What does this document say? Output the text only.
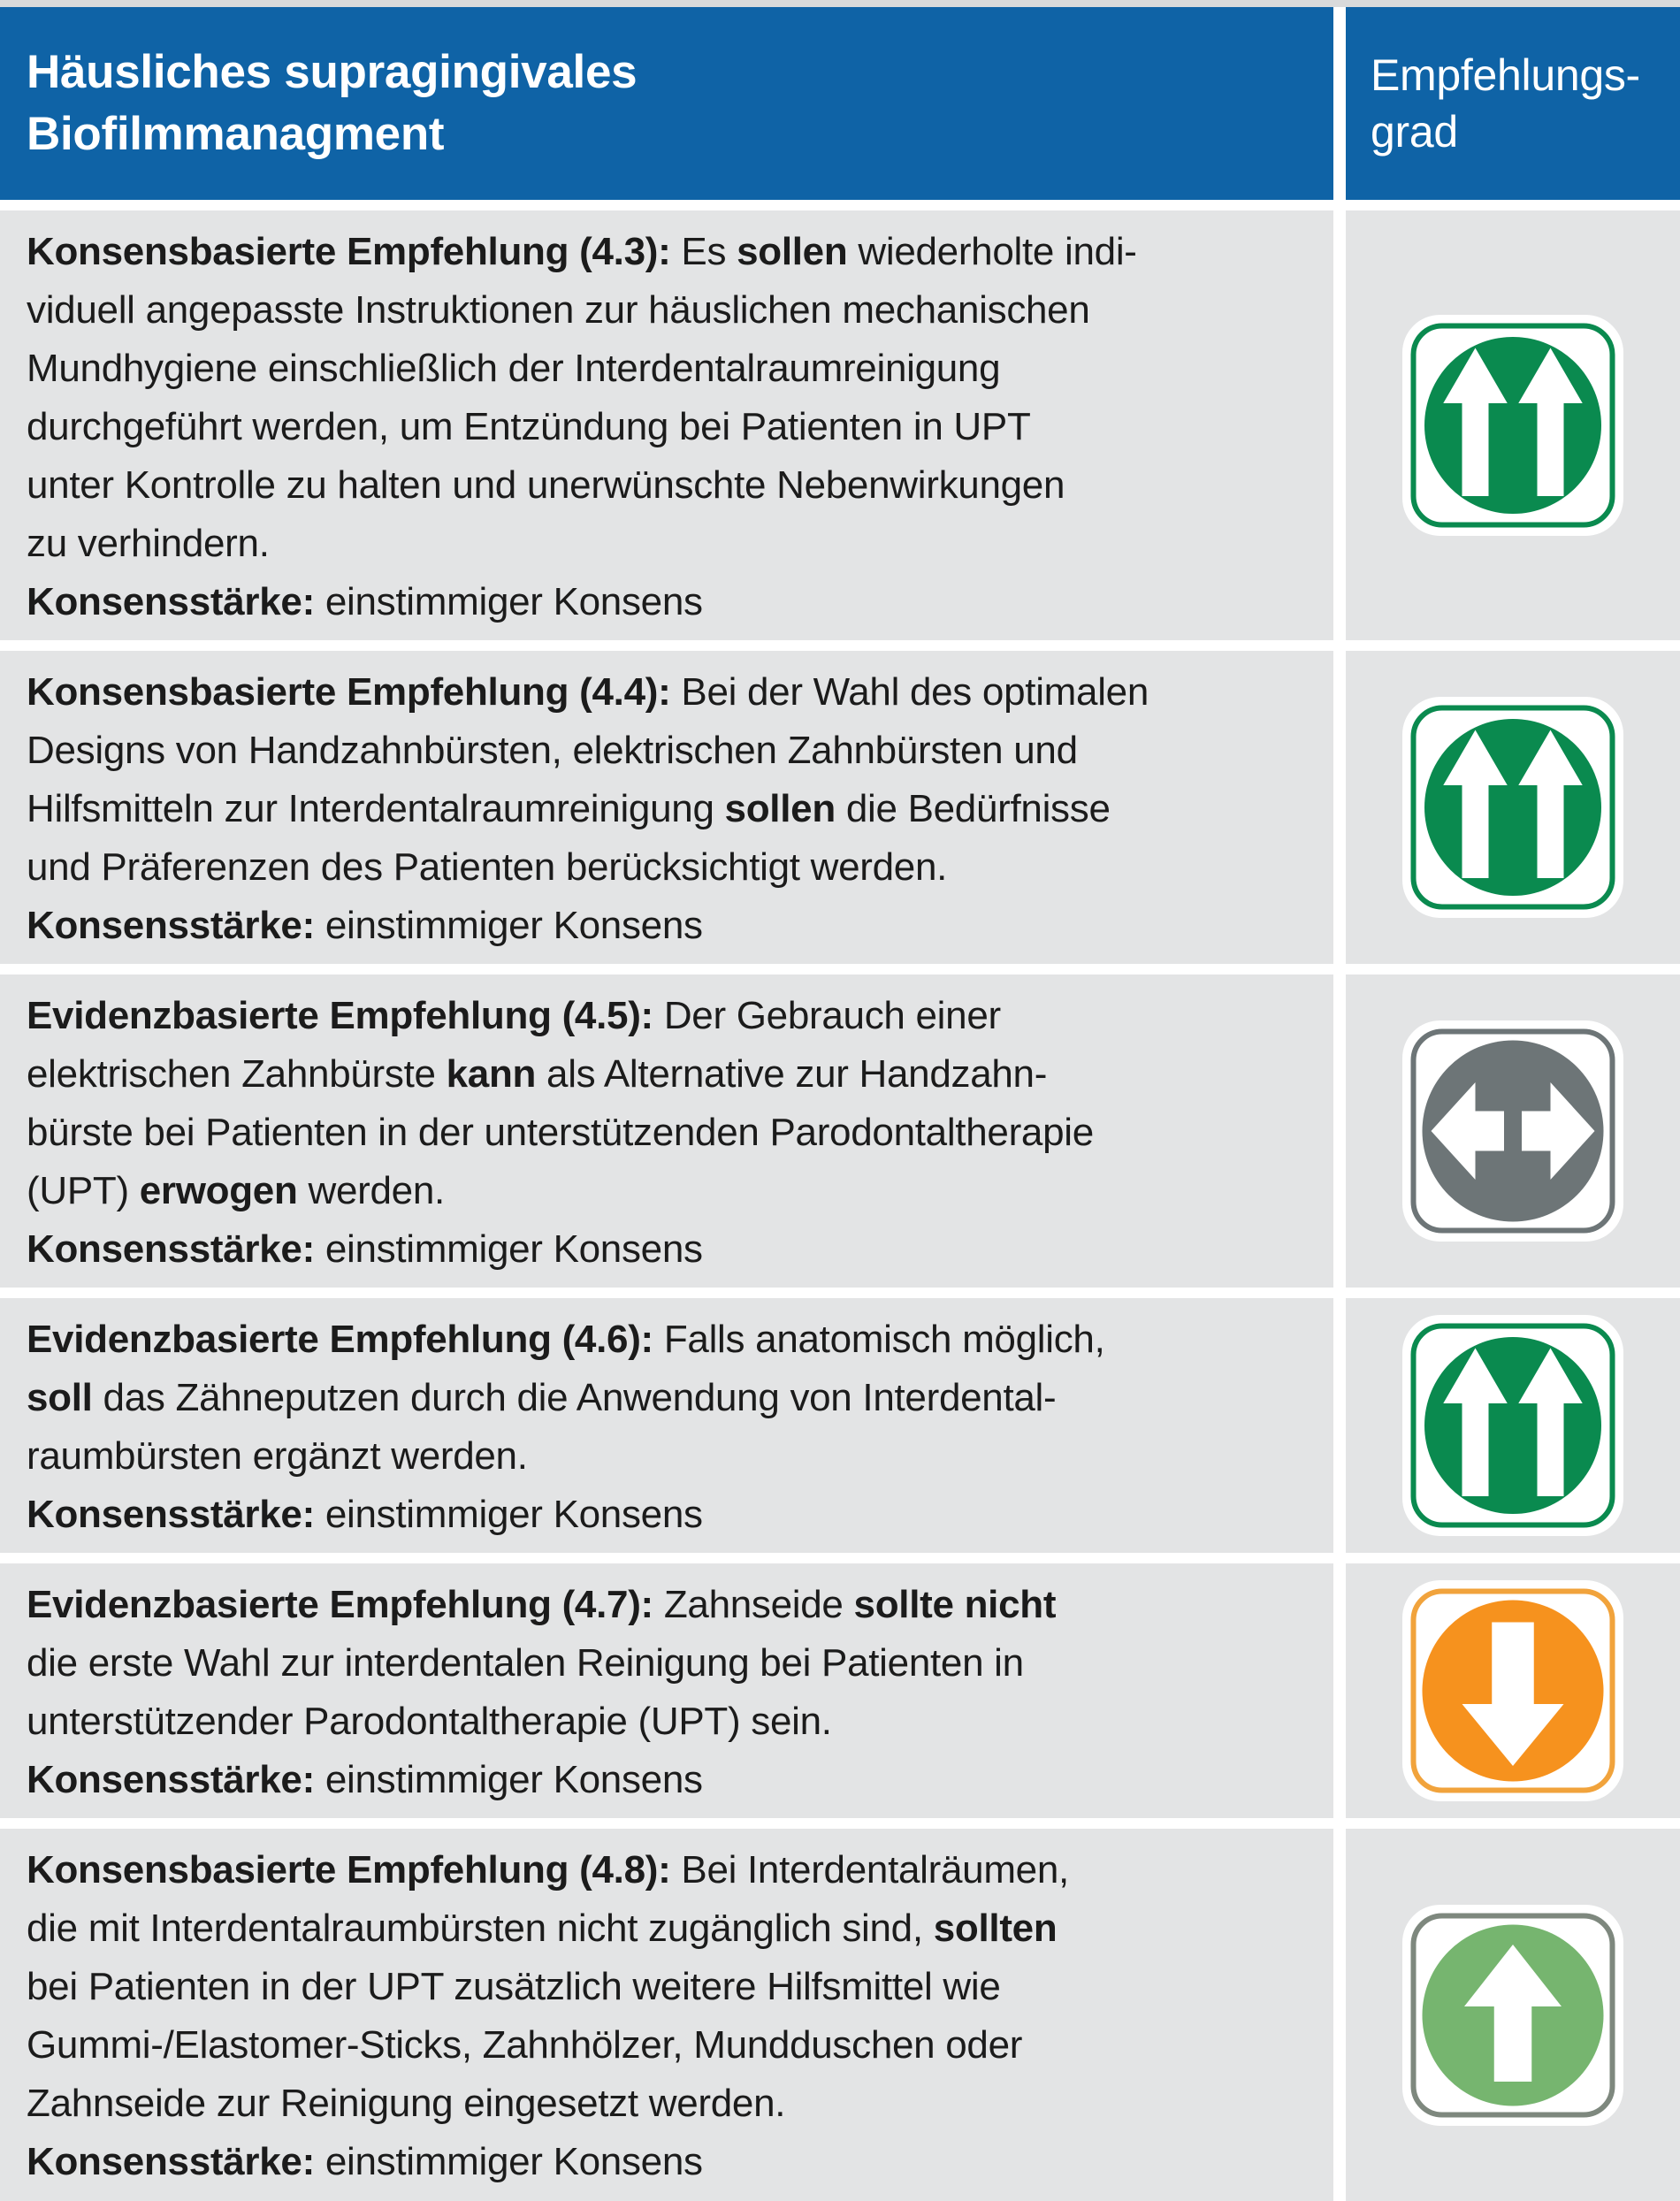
Häusliches supragingivales
Biofilmmanagment
Empfehlungs-
grad
Konsensbasierte Empfehlung (4.3): Es sollen wiederholte indi-
viduell angepasste Instruktionen zur häuslichen mechanischen
Mundhygiene einschließlich der Interdentalraumreinigung
durchgeführt werden, um Entzündung bei Patienten in UPT
unter Kontrolle zu halten und unerwünschte Nebenwirkungen
zu verhindern.
Konsensstärke: einstimmiger Konsens
Konsensbasierte Empfehlung (4.4): Bei der Wahl des optimalen
Designs von Handzahnbürsten, elektrischen Zahnbürsten und
Hilfsmitteln zur Interdentalraumreinigung sollen die Bedürfnisse
und Präferenzen des Patienten berücksichtigt werden.
Konsensstärke: einstimmiger Konsens
Evidenzbasierte Empfehlung (4.5): Der Gebrauch einer
elektrischen Zahnbürste kann als Alternative zur Handzahn-
bürste bei Patienten in der unterstützenden Parodontaltherapie
(UPT) erwogen werden.
Konsensstärke: einstimmiger Konsens
Evidenzbasierte Empfehlung (4.6): Falls anatomisch möglich,
soll das Zähneputzen durch die Anwendung von Interdental-
raumbürsten ergänzt werden.
Konsensstärke: einstimmiger Konsens
Evidenzbasierte Empfehlung (4.7): Zahnseide sollte nicht
die erste Wahl zur interdentalen Reinigung bei Patienten in
unterstützender Parodontaltherapie (UPT) sein.
Konsensstärke: einstimmiger Konsens
Konsensbasierte Empfehlung (4.8): Bei Interdentalräumen,
die mit Interdentalraumbürsten nicht zugänglich sind, sollten
bei Patienten in der UPT zusätzlich weitere Hilfsmittel wie
Gummi-/Elastomer-Sticks, Zahnhölzer, Mundduschen oder
Zahnseide zur Reinigung eingesetzt werden.
Konsensstärke: einstimmiger Konsens
